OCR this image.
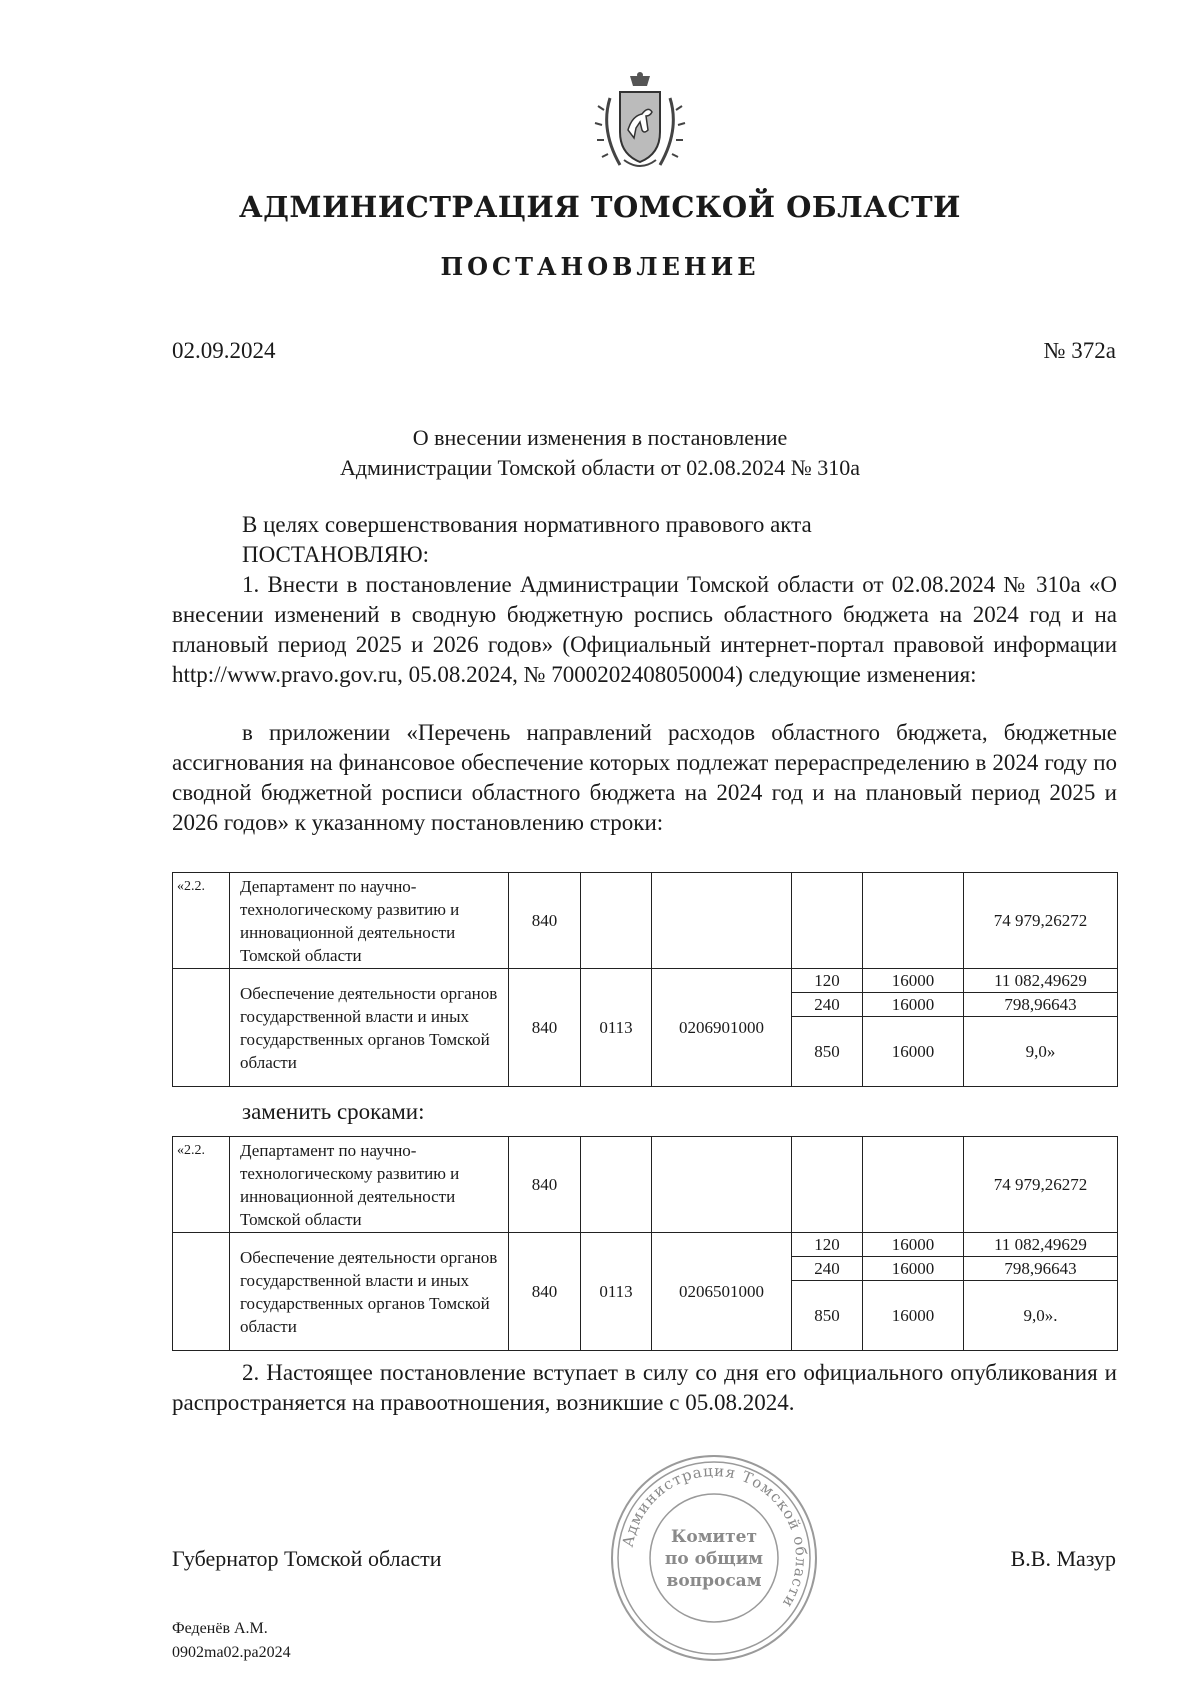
АДМИНИСТРАЦИЯ ТОМСКОЙ ОБЛАСТИ
ПОСТАНОВЛЕНИЕ
02.09.2024	№ 372а
О внесении изменения в постановление
Администрации Томской области от 02.08.2024 № 310а
В целях совершенствования нормативного правового акта
ПОСТАНОВЛЯЮ:
1. Внести в постановление Администрации Томской области от 02.08.2024 № 310а «О внесении изменений в сводную бюджетную роспись областного бюджета на 2024 год и на плановый период 2025 и 2026 годов» (Официальный интернет-портал правовой информации http://www.pravo.gov.ru, 05.08.2024, № 7000202408050004) следующие изменения:
в приложении «Перечень направлений расходов областного бюджета, бюджетные ассигнования на финансовое обеспечение которых подлежат перераспределению в 2024 году по сводной бюджетной росписи областного бюджета на 2024 год и на плановый период 2025 и 2026 годов» к указанному постановлению строки:
«2.2.	Департамент по научно-технологическому развитию и инновационной деятельности Томской области	840					74 979,26272
	Обеспечение деятельности органов государственной власти и иных государственных органов Томской области	840	0113	0206901000	120	16000	11 082,49629
					240	16000	798,96643
					850	16000	9,0»
заменить сроками:
«2.2.	Департамент по научно-технологическому развитию и инновационной деятельности Томской области	840					74 979,26272
	Обеспечение деятельности органов государственной власти и иных государственных органов Томской области	840	0113	0206501000	120	16000	11 082,49629
					240	16000	798,96643
					850	16000	9,0».
2. Настоящее постановление вступает в силу со дня его официального опубликования и распространяется на правоотношения, возникшие с 05.08.2024.
Администрация Томской области
Комитет
по общим
вопросам
Губернатор Томской области	В.В. Мазур
Феденёв А.М.
0902ma02.pa2024
